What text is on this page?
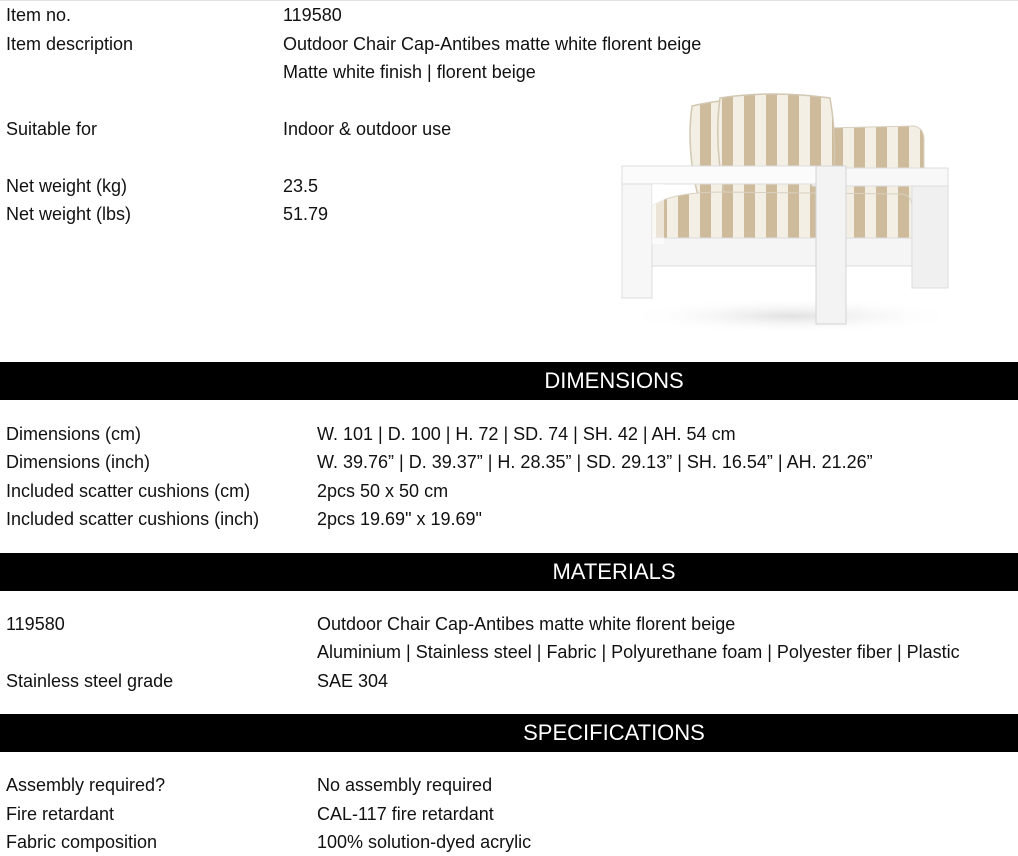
Item no.	119580
Item description	Outdoor Chair Cap-Antibes matte white florent beige
Matte white finish | florent beige
Suitable for	Indoor & outdoor use
Net weight (kg)	23.5
Net weight (lbs)	51.79
DIMENSIONS
Dimensions (cm)	W. 101 | D. 100 | H. 72 | SD. 74 | SH. 42 | AH. 54 cm
Dimensions (inch)	W. 39.76” | D. 39.37” | H. 28.35” | SD. 29.13” | SH. 16.54” | AH. 21.26”
Included scatter cushions (cm)	2pcs 50 x 50 cm
Included scatter cushions (inch)	2pcs 19.69" x 19.69"
MATERIALS
119580	Outdoor Chair Cap-Antibes matte white florent beige
Aluminium | Stainless steel | Fabric | Polyurethane foam | Polyester fiber | Plastic
Stainless steel grade	SAE 304
SPECIFICATIONS
Assembly required?	No assembly required
Fire retardant	CAL-117 fire retardant
Fabric composition	100% solution-dyed acrylic
